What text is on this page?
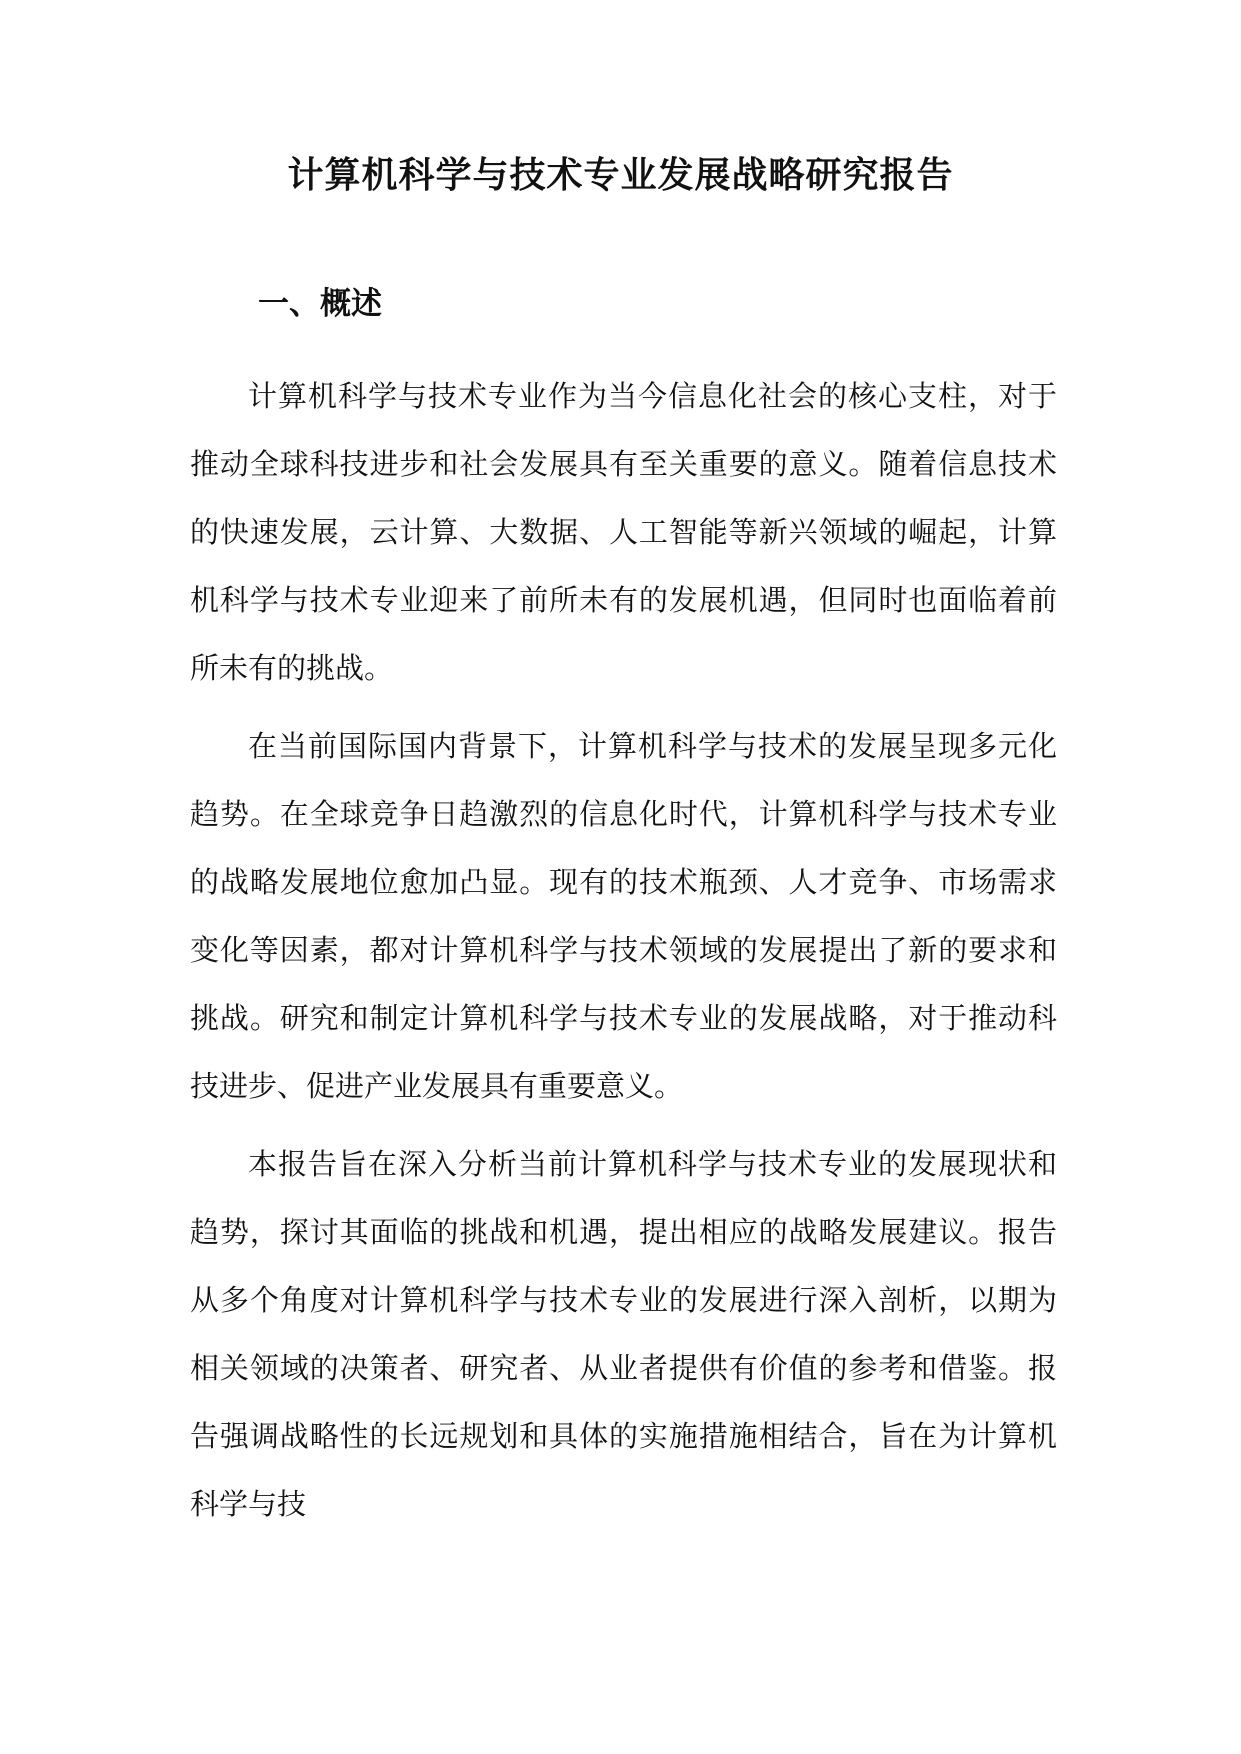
计算机科学与技术专业发展战略研究报告
一、概述

计算机科学与技术专业作为当今信息化社会的核心支柱，对于推动全球科技进步和社会发展具有至关重要的意义。随着信息技术的快速发展，云计算、大数据、人工智能等新兴领域的崛起，计算机科学与技术专业迎来了前所未有的发展机遇，但同时也面临着前所未有的挑战。

在当前国际国内背景下，计算机科学与技术的发展呈现多元化趋势。在全球竞争日趋激烈的信息化时代，计算机科学与技术专业的战略发展地位愈加凸显。现有的技术瓶颈、人才竞争、市场需求变化等因素，都对计算机科学与技术领域的发展提出了新的要求和挑战。研究和制定计算机科学与技术专业的发展战略，对于推动科技进步、促进产业发展具有重要意义。

本报告旨在深入分析当前计算机科学与技术专业的发展现状和趋势，探讨其面临的挑战和机遇，提出相应的战略发展建议。报告从多个角度对计算机科学与技术专业的发展进行深入剖析，以期为相关领域的决策者、研究者、从业者提供有价值的参考和借鉴。报告强调战略性的长远规划和具体的实施措施相结合，旨在为计算机科学与技
